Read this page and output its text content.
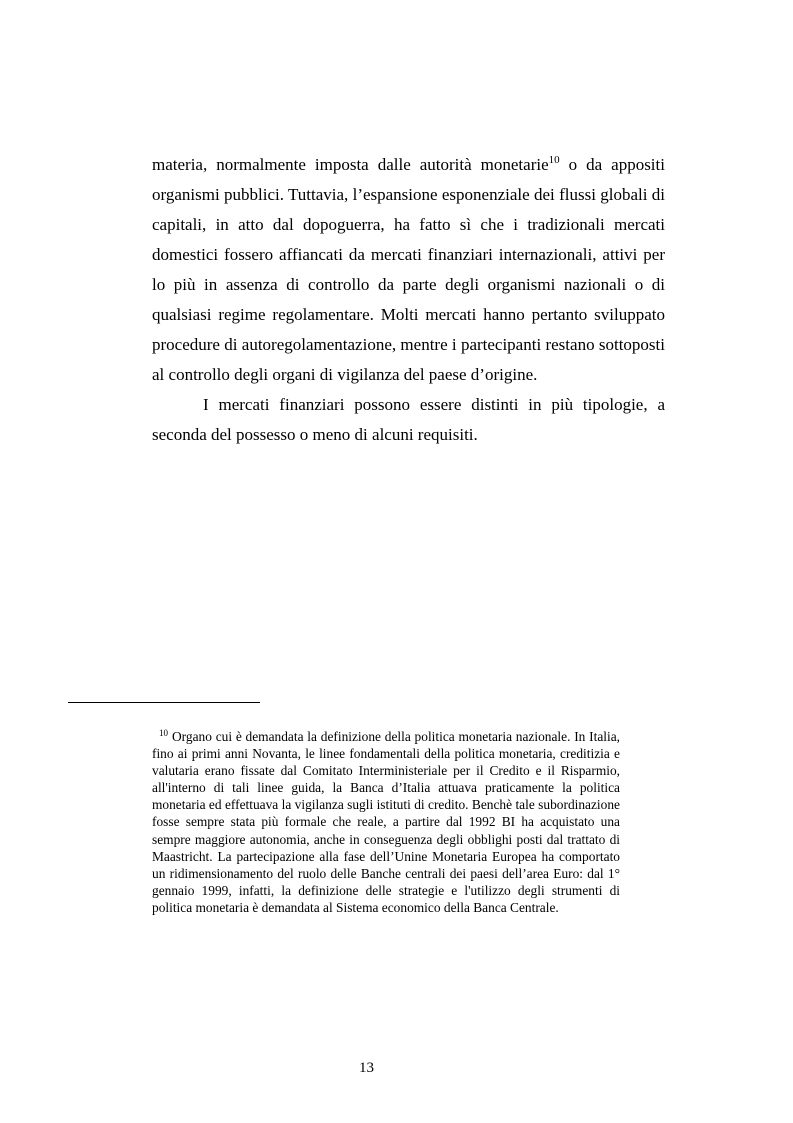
materia, normalmente imposta dalle autorità monetarie$^{10}$ o da appositi organismi pubblici. Tuttavia, l’espansione esponenziale dei flussi globali di capitali, in atto dal dopoguerra, ha fatto sì che i tradizionali mercati domestici fossero affiancati da mercati finanziari internazionali, attivi per lo più in assenza di controllo da parte degli organismi nazionali o di qualsiasi regime regolamentare. Molti mercati hanno pertanto sviluppato procedure di autoregolamentazione, mentre i partecipanti restano sottoposti al controllo degli organi di vigilanza del paese d’origine.

I mercati finanziari possono essere distinti in più tipologie, a seconda del possesso o meno di alcuni requisiti.

$^{10}$ Organo cui è demandata la definizione della politica monetaria nazionale. In Italia, fino ai primi anni Novanta, le linee fondamentali della politica monetaria, creditizia e valutaria erano fissate dal Comitato Interministeriale per il Credito e il Risparmio, all'interno di tali linee guida, la Banca d’Italia attuava praticamente la politica monetaria ed effettuava la vigilanza sugli istituti di credito. Benchè tale subordinazione fosse sempre stata più formale che reale, a partire dal 1992 BI ha acquistato una sempre maggiore autonomia, anche in conseguenza degli obblighi posti dal trattato di Maastricht. La partecipazione alla fase dell’Unine Monetaria Europea ha comportato un ridimensionamento del ruolo delle Banche centrali dei paesi dell’area Euro: dal 1° gennaio 1999, infatti, la definizione delle strategie e l'utilizzo degli strumenti di politica monetaria è demandata al Sistema economico della Banca Centrale.

13
